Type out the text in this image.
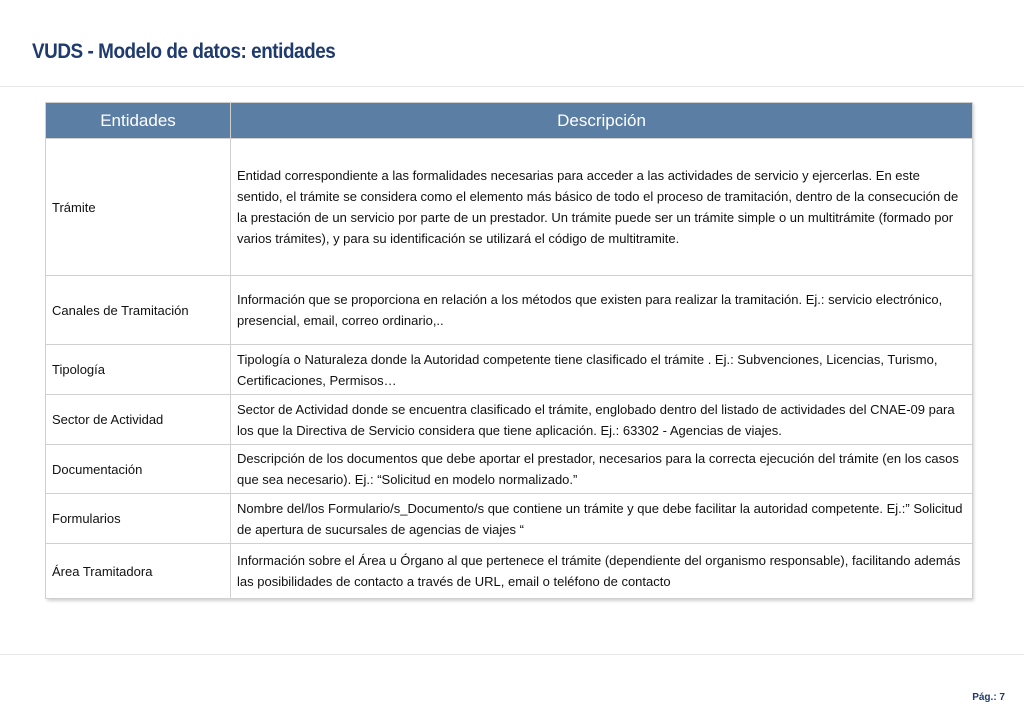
VUDS - Modelo de datos: entidades
Entidades	Descripción
Trámite	Entidad correspondiente a las formalidades necesarias para acceder a las actividades de servicio y ejercerlas. En este sentido, el trámite se considera como el elemento más básico de todo el proceso de tramitación, dentro de la consecución de la prestación de un servicio por parte de un prestador. Un trámite puede ser un trámite simple o un multitrámite (formado por varios trámites), y para su identificación se utilizará el código de multitramite.
Canales de Tramitación	Información que se proporciona en relación a los métodos que existen para realizar la tramitación. Ej.: servicio electrónico, presencial, email, correo ordinario,..
Tipología	Tipología o Naturaleza donde la Autoridad competente tiene clasificado el trámite . Ej.: Subvenciones, Licencias, Turismo, Certificaciones, Permisos…
Sector de Actividad	Sector de Actividad donde se encuentra clasificado el trámite, englobado dentro del listado de actividades del CNAE-09 para los que la Directiva de Servicio considera que tiene aplicación. Ej.: 63302 - Agencias de viajes.
Documentación	Descripción de los documentos que debe aportar el prestador, necesarios para la correcta ejecución del trámite (en los casos que sea necesario). Ej.: “Solicitud en modelo normalizado.”
Formularios	Nombre del/los Formulario/s_Documento/s que contiene un trámite y que debe facilitar la autoridad competente. Ej.:” Solicitud de apertura de sucursales de agencias de viajes “
Área Tramitadora	Información sobre el Área u Órgano al que pertenece el trámite (dependiente del organismo responsable), facilitando además las posibilidades de contacto a través de URL, email o teléfono de contacto
Pág.: 7
